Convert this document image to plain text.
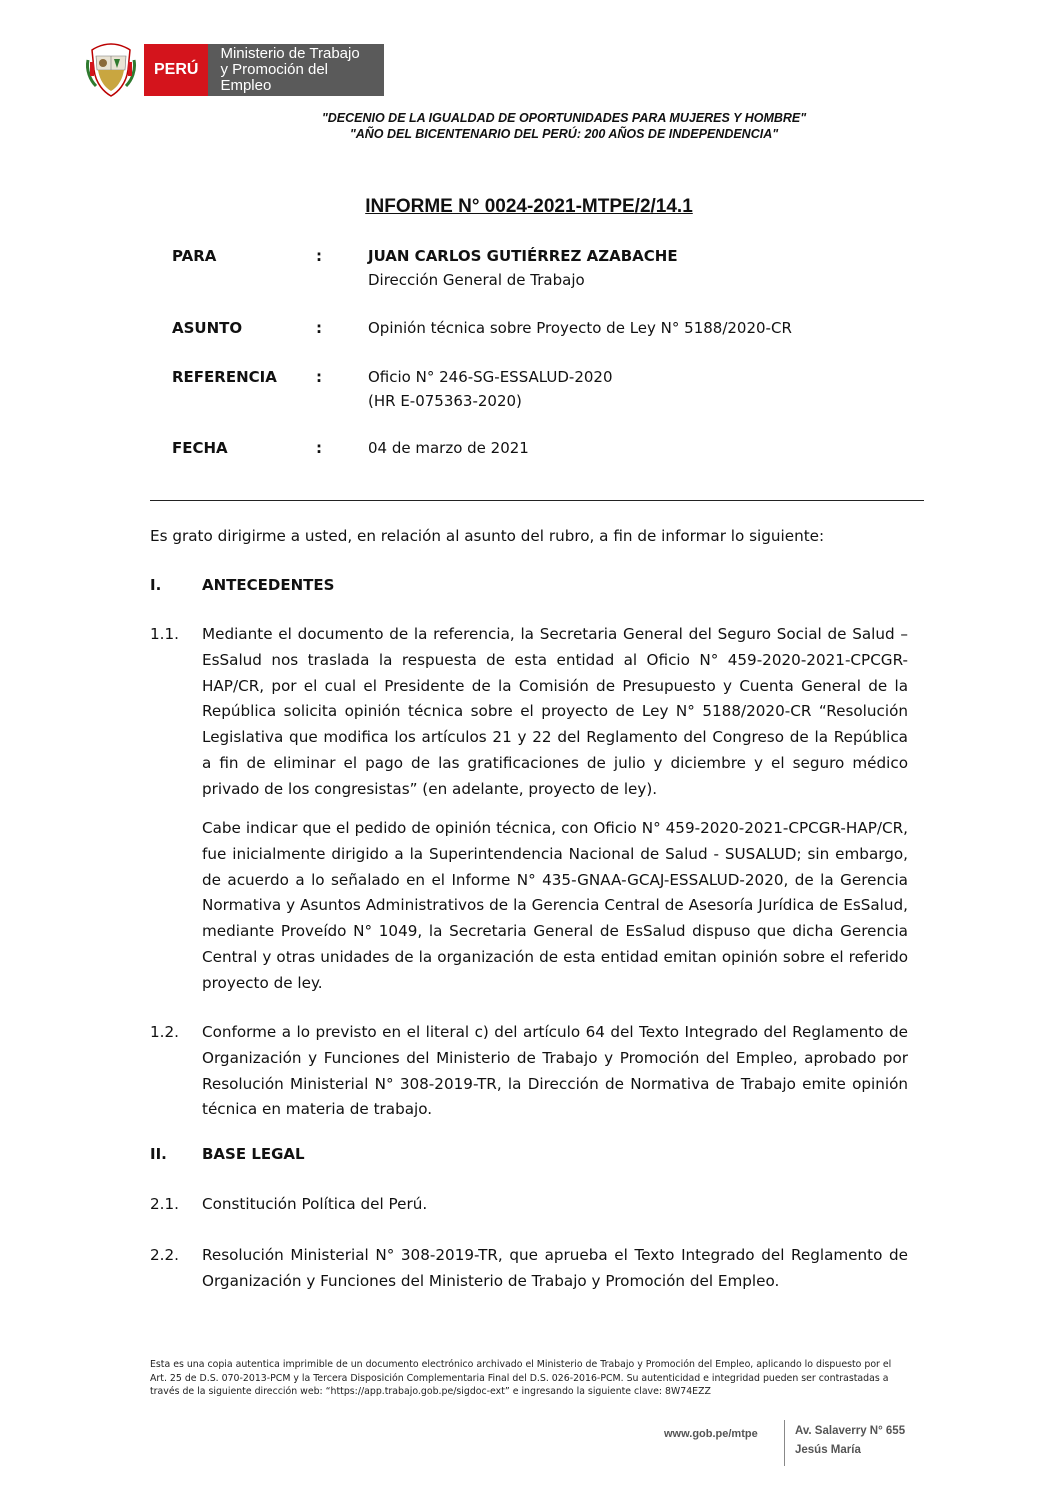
PERÚ
Ministerio de Trabajo
y Promoción del Empleo
"DECENIO DE LA IGUALDAD DE OPORTUNIDADES PARA MUJERES Y HOMBRE"
"AÑO DEL BICENTENARIO DEL PERÚ: 200 AÑOS DE INDEPENDENCIA"
INFORME N° 0024-2021-MTPE/2/14.1
PARA	:	JUAN CARLOS GUTIÉRREZ AZABACHE
Dirección General de Trabajo
ASUNTO	:	Opinión técnica sobre Proyecto de Ley N° 5188/2020-CR
REFERENCIA	:	Oficio N° 246-SG-ESSALUD-2020
(HR E-075363-2020)
FECHA	:	04 de marzo de 2021
Es grato dirigirme a usted, en relación al asunto del rubro, a fin de informar lo siguiente:
I.	ANTECEDENTES
1.1. Mediante el documento de la referencia, la Secretaria General del Seguro Social de Salud – EsSalud nos traslada la respuesta de esta entidad al Oficio N° 459-2020-2021-CPCGR-HAP/CR, por el cual el Presidente de la Comisión de Presupuesto y Cuenta General de la República solicita opinión técnica sobre el proyecto de Ley N° 5188/2020-CR “Resolución Legislativa que modifica los artículos 21 y 22 del Reglamento del Congreso de la República a fin de eliminar el pago de las gratificaciones de julio y diciembre y el seguro médico privado de los congresistas” (en adelante, proyecto de ley).
Cabe indicar que el pedido de opinión técnica, con Oficio N° 459-2020-2021-CPCGR-HAP/CR, fue inicialmente dirigido a la Superintendencia Nacional de Salud - SUSALUD; sin embargo, de acuerdo a lo señalado en el Informe N° 435-GNAA-GCAJ-ESSALUD-2020, de la Gerencia Normativa y Asuntos Administrativos de la Gerencia Central de Asesoría Jurídica de EsSalud, mediante Proveído N° 1049, la Secretaria General de EsSalud dispuso que dicha Gerencia Central y otras unidades de la organización de esta entidad emitan opinión sobre el referido proyecto de ley.
1.2. Conforme a lo previsto en el literal c) del artículo 64 del Texto Integrado del Reglamento de Organización y Funciones del Ministerio de Trabajo y Promoción del Empleo, aprobado por Resolución Ministerial N° 308-2019-TR, la Dirección de Normativa de Trabajo emite opinión técnica en materia de trabajo.
II. BASE LEGAL
2.1. Constitución Política del Perú.
2.2. Resolución Ministerial N° 308-2019-TR, que aprueba el Texto Integrado del Reglamento de Organización y Funciones del Ministerio de Trabajo y Promoción del Empleo.
Esta es una copia autentica imprimible de un documento electrónico archivado el Ministerio de Trabajo y Promoción del Empleo, aplicando lo dispuesto por el Art. 25 de D.S. 070-2013-PCM y la Tercera Disposición Complementaria Final del D.S. 026-2016-PCM. Su autenticidad e integridad pueden ser contrastadas a través de la siguiente dirección web: “https://app.trabajo.gob.pe/sigdoc-ext” e ingresando la siguiente clave: 8W74EZZ
www.gob.pe/mtpe	Av. Salaverry N° 655
Jesús María
